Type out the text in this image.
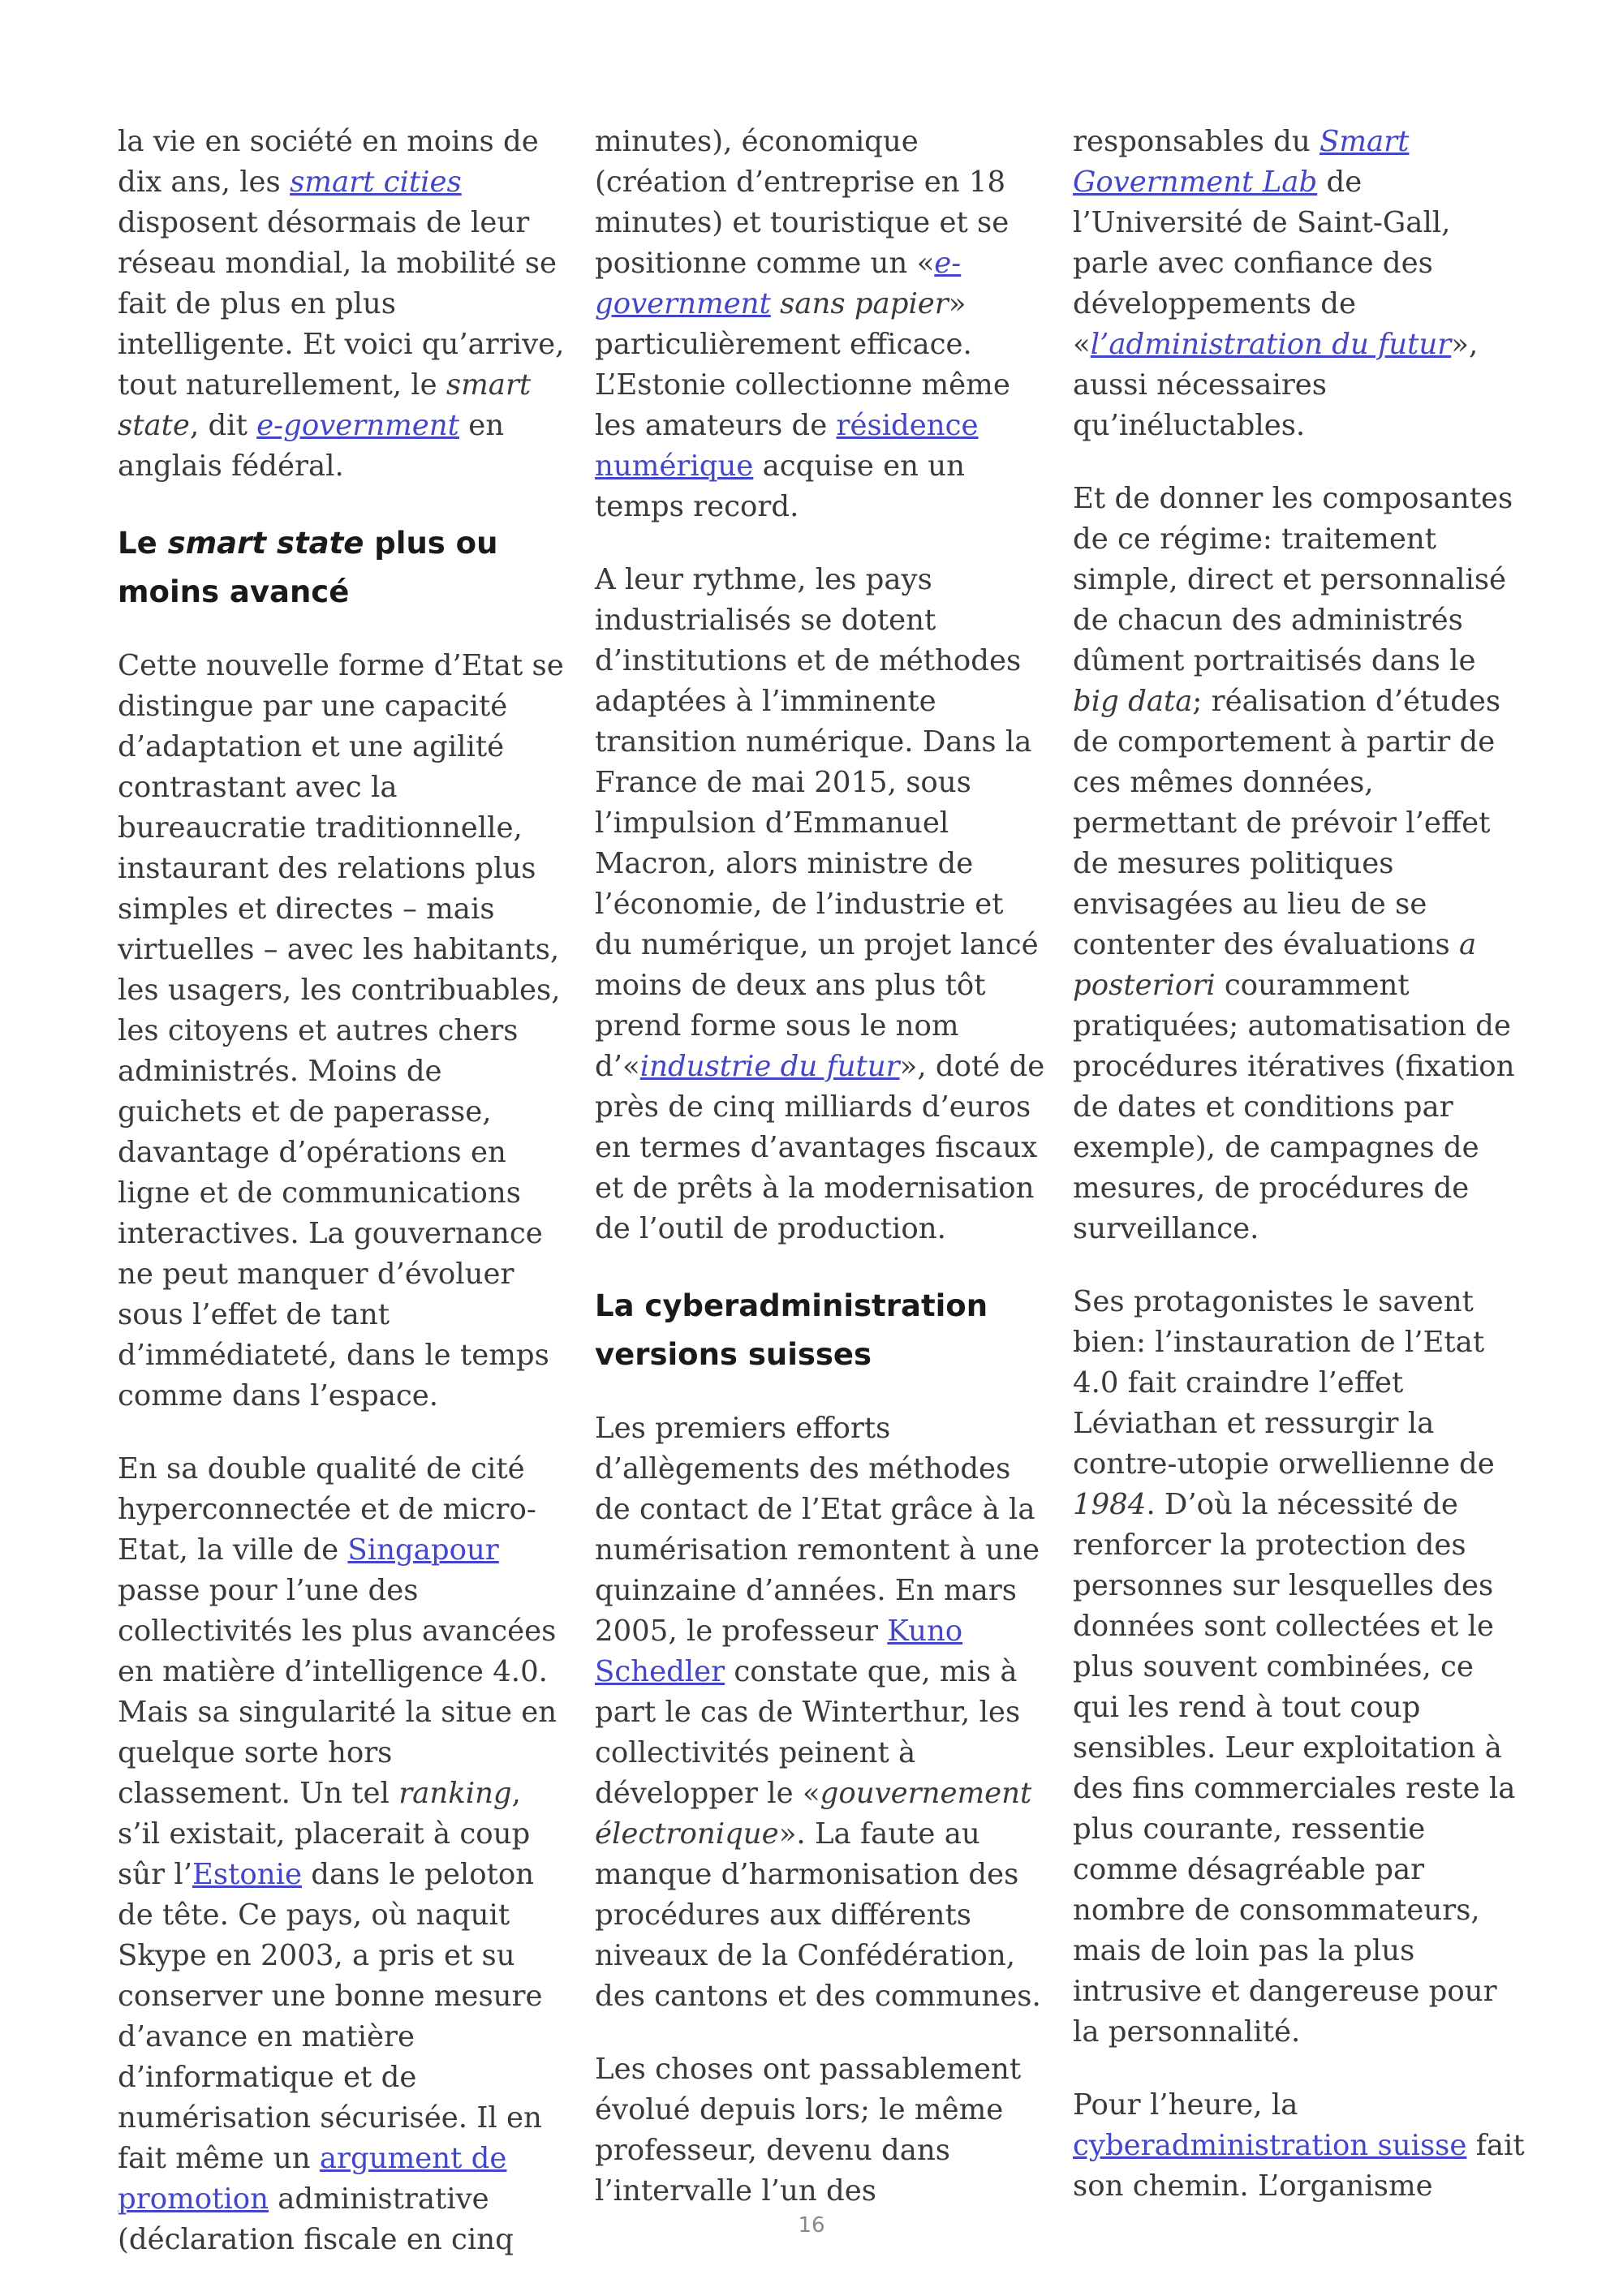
la vie en société en moins de dix ans, les smart cities disposent désormais de leur réseau mondial, la mobilité se fait de plus en plus intelligente. Et voici qu’arrive, tout naturellement, le smart state, dit e-government en anglais fédéral.

Le smart state plus ou moins avancé

Cette nouvelle forme d’Etat se distingue par une capacité d’adaptation et une agilité contrastant avec la bureaucratie traditionnelle, instaurant des relations plus simples et directes – mais virtuelles – avec les habitants, les usagers, les contribuables, les citoyens et autres chers administrés. Moins de guichets et de paperasse, davantage d’opérations en ligne et de communications interactives. La gouvernance ne peut manquer d’évoluer sous l’effet de tant d’immédiateté, dans le temps comme dans l’espace.

En sa double qualité de cité hyperconnectée et de micro-Etat, la ville de Singapour passe pour l’une des collectivités les plus avancées en matière d’intelligence 4.0. Mais sa singularité la situe en quelque sorte hors classement. Un tel ranking, s’il existait, placerait à coup sûr l’Estonie dans le peloton de tête. Ce pays, où naquit Skype en 2003, a pris et su conserver une bonne mesure d’avance en matière d’informatique et de numérisation sécurisée. Il en fait même un argument de promotion administrative (déclaration fiscale en cinq

minutes), économique (création d’entreprise en 18 minutes) et touristique et se positionne comme un «e-government sans papier» particulièrement efficace. L’Estonie collectionne même les amateurs de résidence numérique acquise en un temps record.

A leur rythme, les pays industrialisés se dotent d’institutions et de méthodes adaptées à l’imminente transition numérique. Dans la France de mai 2015, sous l’impulsion d’Emmanuel Macron, alors ministre de l’économie, de l’industrie et du numérique, un projet lancé moins de deux ans plus tôt prend forme sous le nom d’«industrie du futur», doté de près de cinq milliards d’euros en termes d’avantages fiscaux et de prêts à la modernisation de l’outil de production.

La cyberadministration versions suisses

Les premiers efforts d’allègements des méthodes de contact de l’Etat grâce à la numérisation remontent à une quinzaine d’années. En mars 2005, le professeur Kuno Schedler constate que, mis à part le cas de Winterthur, les collectivités peinent à développer le «gouvernement électronique». La faute au manque d’harmonisation des procédures aux différents niveaux de la Confédération, des cantons et des communes.

Les choses ont passablement évolué depuis lors; le même professeur, devenu dans l’intervalle l’un des

responsables du Smart Government Lab de l’Université de Saint-Gall, parle avec confiance des développements de «l’administration du futur», aussi nécessaires qu’inéluctables.

Et de donner les composantes de ce régime: traitement simple, direct et personnalisé de chacun des administrés dûment portraitisés dans le big data; réalisation d’études de comportement à partir de ces mêmes données, permettant de prévoir l’effet de mesures politiques envisagées au lieu de se contenter des évaluations a posteriori couramment pratiquées; automatisation de procédures itératives (fixation de dates et conditions par exemple), de campagnes de mesures, de procédures de surveillance.

Ses protagonistes le savent bien: l’instauration de l’Etat 4.0 fait craindre l’effet Léviathan et ressurgir la contre-utopie orwellienne de 1984. D’où la nécessité de renforcer la protection des personnes sur lesquelles des données sont collectées et le plus souvent combinées, ce qui les rend à tout coup sensibles. Leur exploitation à des fins commerciales reste la plus courante, ressentie comme désagréable par nombre de consommateurs, mais de loin pas la plus intrusive et dangereuse pour la personnalité.

Pour l’heure, la cyberadministration suisse fait son chemin. L’organisme

16
